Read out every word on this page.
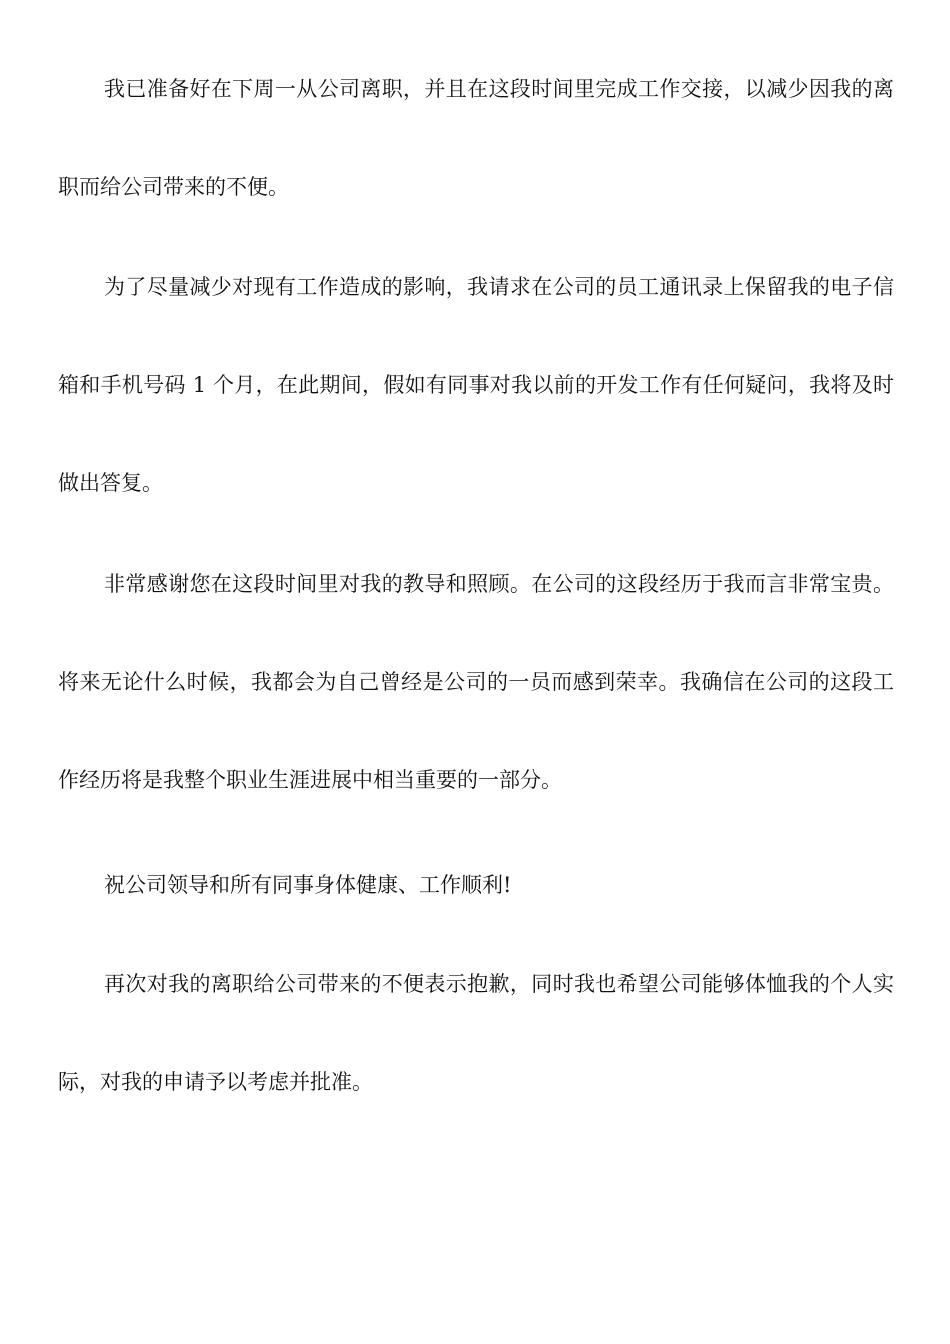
我已准备好在下周一从公司离职，并且在这段时间里完成工作交接，以减少因我的离职而给公司带来的不便。

为了尽量减少对现有工作造成的影响，我请求在公司的员工通讯录上保留我的电子信箱和手机号码 1 个月，在此期间，假如有同事对我以前的开发工作有任何疑问，我将及时做出答复。

非常感谢您在这段时间里对我的教导和照顾。在公司的这段经历于我而言非常宝贵。将来无论什么时候，我都会为自己曾经是公司的一员而感到荣幸。我确信在公司的这段工作经历将是我整个职业生涯进展中相当重要的一部分。

祝公司领导和所有同事身体健康、工作顺利!

再次对我的离职给公司带来的不便表示抱歉，同时我也希望公司能够体恤我的个人实际，对我的申请予以考虑并批准。
